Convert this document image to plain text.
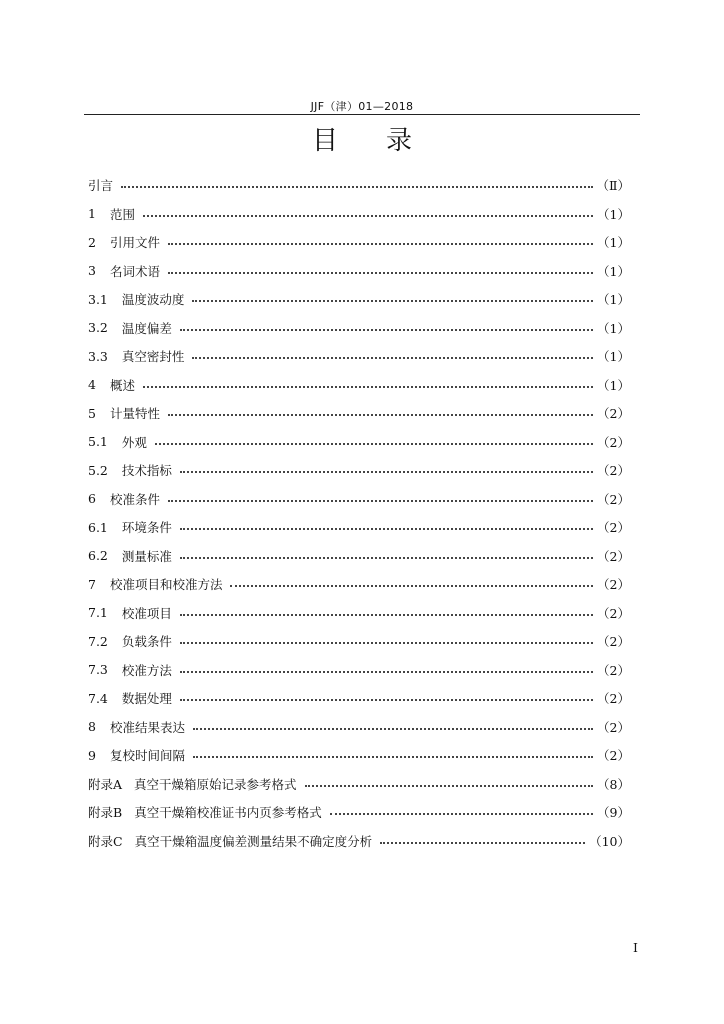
JJF（津）01—2018
目录
引言	（Ⅱ）
1 范围	（1）
2 引用文件	（1）
3 名词术语	（1）
3.1 温度波动度	（1）
3.2 温度偏差	（1）
3.3 真空密封性	（1）
4 概述	（1）
5 计量特性	（2）
5.1 外观	（2）
5.2 技术指标	（2）
6 校准条件	（2）
6.1 环境条件	（2）
6.2 测量标准	（2）
7 校准项目和校准方法	（2）
7.1 校准项目	（2）
7.2 负载条件	（2）
7.3 校准方法	（2）
7.4 数据处理	（2）
8 校准结果表达	（2）
9 复校时间间隔	（2）
附录A 真空干燥箱原始记录参考格式	（8）
附录B 真空干燥箱校准证书内页参考格式	（9）
附录C 真空干燥箱温度偏差测量结果不确定度分析	（10）
I
